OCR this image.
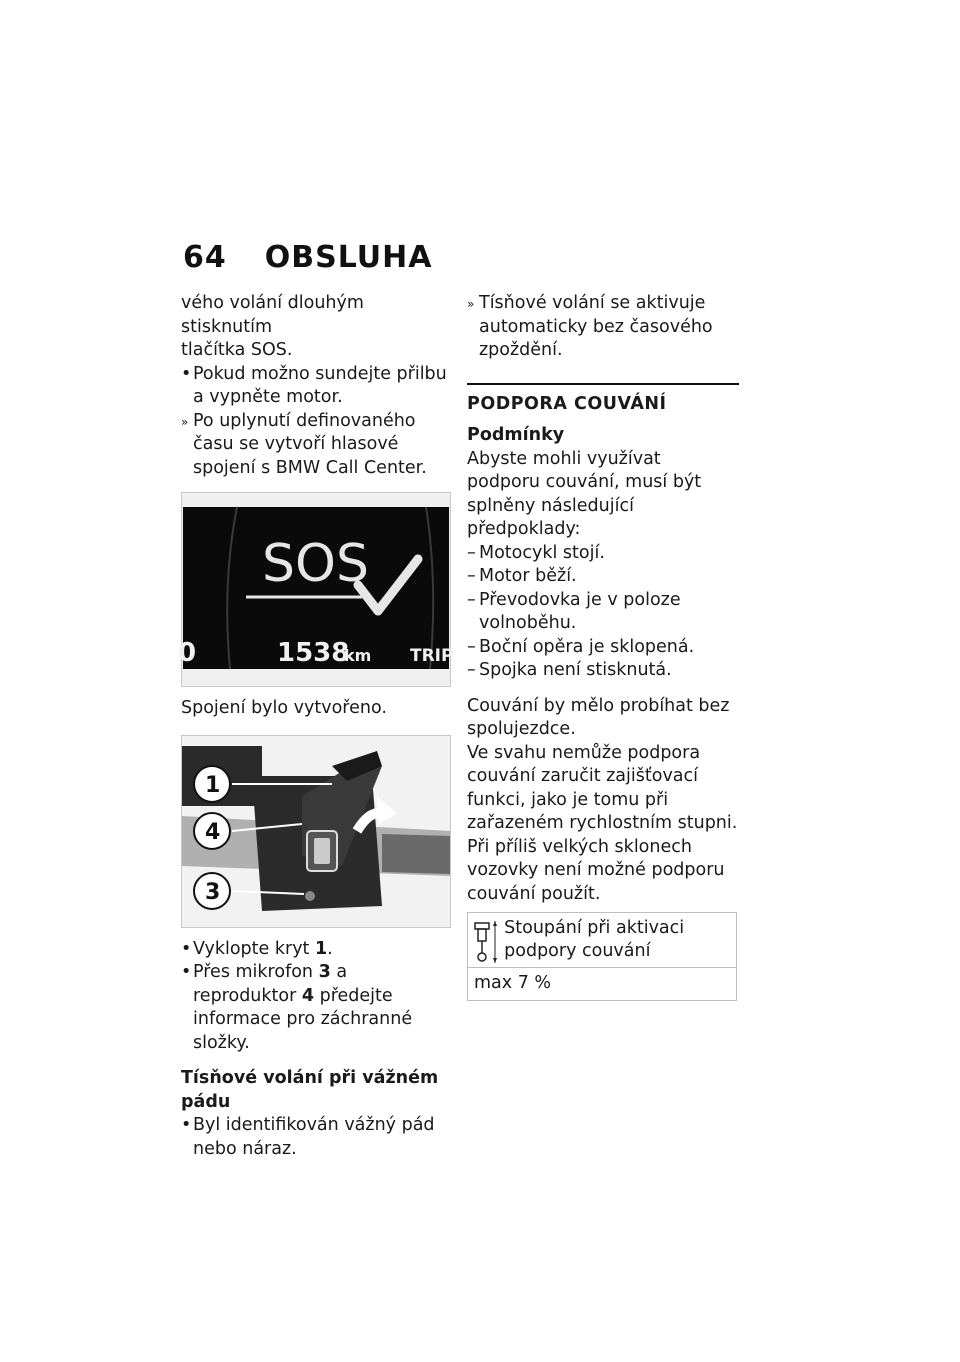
64 OBSLUHA

vého volání dlouhým stisknutím
tlačítka SOS.

• Pokud možno sundejte přilbu a vypněte motor.

» Po uplynutí definovaného času se vytvoří hlasové spojení s BMW Call Center.

SOS
0	1538
km TRIP

Spojení bylo vytvořeno.

1
4
3

• Vyklopte kryt 1.

• Přes mikrofon 3 a reproduktor 4 předejte informace pro záchranné složky.

Tísňové volání při vážném pádu

• Byl identifikován vážný pád nebo náraz.

» Tísňové volání se aktivuje automaticky bez časového zpoždění.

PODPORA COUVÁNÍ

Podmínky

Abyste mohli využívat podporu couvání, musí být splněny následující předpoklady:

– Motocykl stojí.

– Motor běží.

– Převodovka je v poloze volnoběhu.

– Boční opěra je sklopená.

– Spojka není stisknutá.

Couvání by mělo probíhat bez spolujezdce.

Ve svahu nemůže podpora couvání zaručit zajišťovací funkci, jako je tomu při zařazeném rychlostním stupni.

Při příliš velkých sklonech vozovky není možné podporu couvání použít.

Stoupání při aktivaci podpory couvání
max 7 %
